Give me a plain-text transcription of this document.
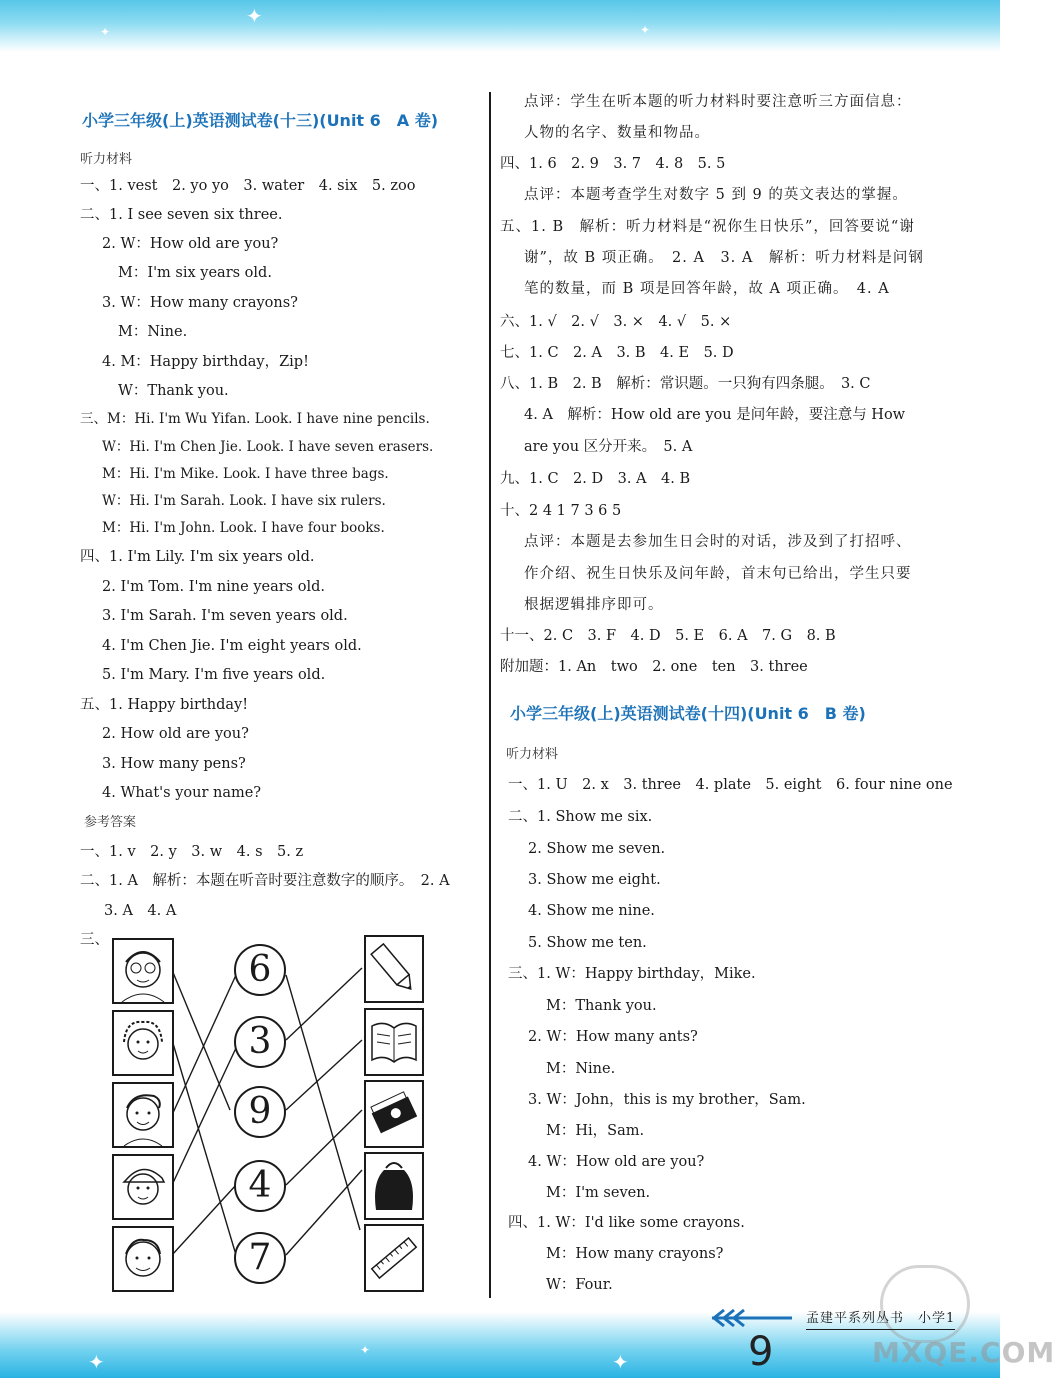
✦
✦	✦
✦	✦
✦
小学三年级(上)英语测试卷(十三)(Unit 6　A 卷)
听力材料
一、1. vest　2. yo yo　3. water　4. six　5. zoo
二、1. I see seven six three.
2. W：How old are you?
M：I'm six years old.
3. W：How many crayons?
M：Nine.
4. M：Happy birthday，Zip!
W：Thank you.
三、M：Hi. I'm Wu Yifan. Look. I have nine pencils.
W：Hi. I'm Chen Jie. Look. I have seven erasers.
M：Hi. I'm Mike. Look. I have three bags.
W：Hi. I'm Sarah. Look. I have six rulers.
M：Hi. I'm John. Look. I have four books.
四、1. I'm Lily. I'm six years old.
2. I'm Tom. I'm nine years old.
3. I'm Sarah. I'm seven years old.
4. I'm Chen Jie. I'm eight years old.
5. I'm Mary. I'm five years old.
五、1. Happy birthday!
2. How old are you?
3. How many pens?
4. What's your name?
参考答案
一、1. v　2. y　3. w　4. s　5. z
二、1. A　解析：本题在听音时要注意数字的顺序。　2. A
3. A　4. A
三、
6
3
9
4
7
点评：学生在听本题的听力材料时要注意听三方面信息：
人物的名字、数量和物品。
四、1. 6　2. 9　3. 7　4. 8　5. 5
点评：本题考查学生对数字 5 到 9 的英文表达的掌握。
五、1. B　解析：听力材料是“祝你生日快乐”，回答要说“谢
谢”，故 B 项正确。　2. A　3. A　解析：听力材料是问钢
笔的数量，而 B 项是回答年龄，故 A 项正确。　4. A
六、1. √　2. √　3. ×　4. √　5. ×
七、1. C　2. A　3. B　4. E　5. D
八、1. B　2. B　解析：常识题。一只狗有四条腿。　3. C
4. A　解析：How old are you 是问年龄，要注意与 How
are you 区分开来。　5. A
九、1. C　2. D　3. A　4. B
十、2 4 1 7 3 6 5
点评：本题是去参加生日会时的对话，涉及到了打招呼、
作介绍、祝生日快乐及问年龄，首末句已给出，学生只要
根据逻辑排序即可。
十一、2. C　3. F　4. D　5. E　6. A　7. G　8. B
附加题：1. An　two　2. one　ten　3. three
小学三年级(上)英语测试卷(十四)(Unit 6　B 卷)
听力材料
一、1. U　2. x　3. three　4. plate　5. eight　6. four nine one
二、1. Show me six.
2. Show me seven.
3. Show me eight.
4. Show me nine.
5. Show me ten.
三、1. W：Happy birthday，Mike.
M：Thank you.
2. W：How many ants?
M：Nine.
3. W：John，this is my brother，Sam.
M：Hi，Sam.
4. W：How old are you?
M：I'm seven.
四、1. W：I'd like some crayons.
M：How many crayons?
W：Four.
孟建平系列丛书　小学1
9	MXQE.COM
